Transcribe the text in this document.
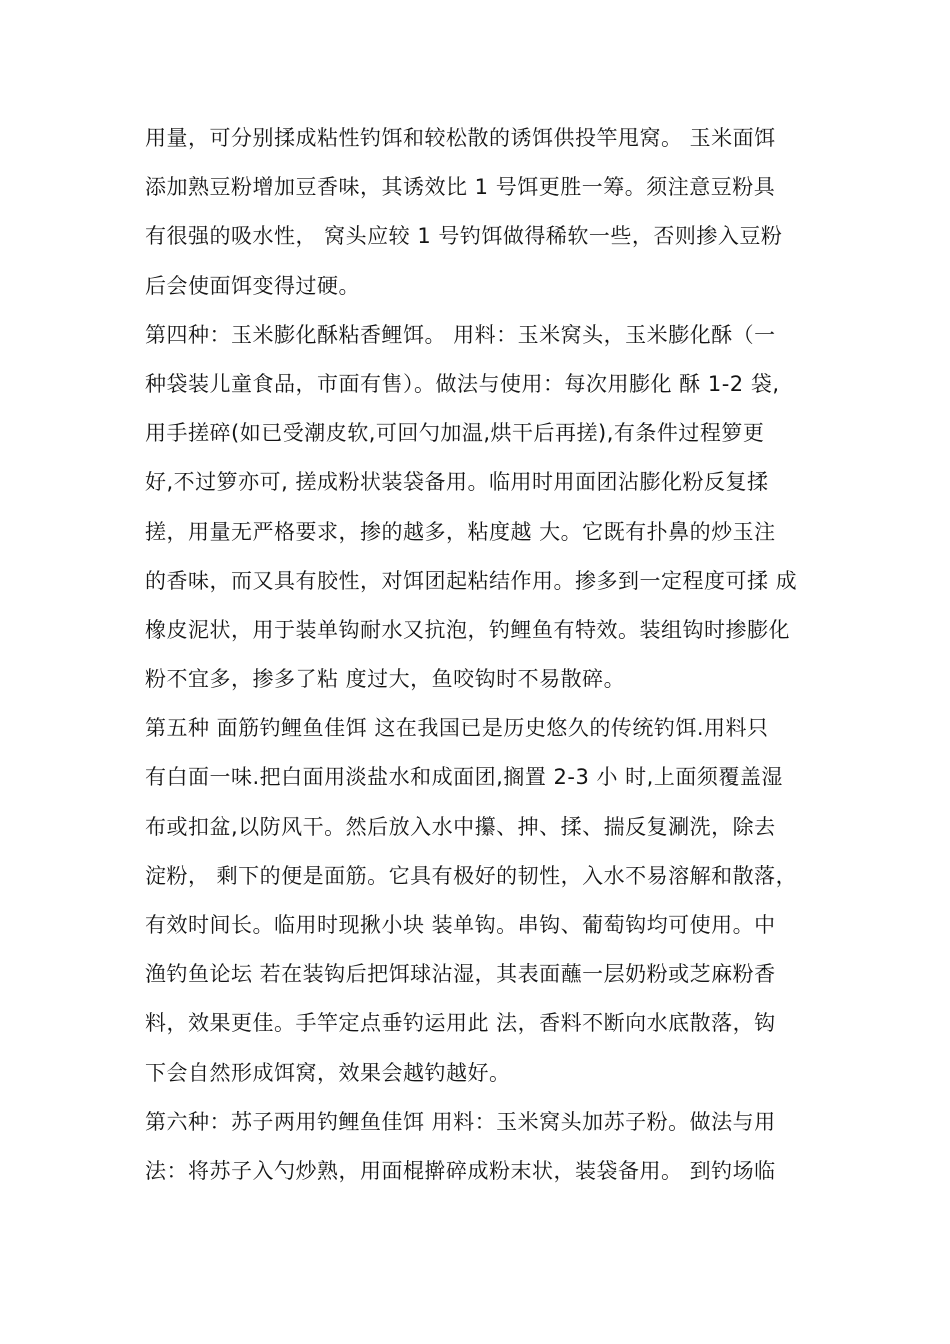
用量，可分别揉成粘性钓饵和较松散的诱饵供投竿甩窝。 玉米面饵
添加熟豆粉增加豆香味，其诱效比 1 号饵更胜一筹。须注意豆粉具
有很强的吸水性， 窝头应较 1 号钓饵做得稀软一些，否则掺入豆粉
后会使面饵变得过硬。
第四种：玉米膨化酥粘香鲤饵。 用料：玉米窝头，玉米膨化酥（一
种袋装儿童食品，市面有售）。做法与使用：每次用膨化 酥 1-2 袋,
用手搓碎(如已受潮皮软,可回勺加温,烘干后再搓),有条件过程箩更
好,不过箩亦可, 搓成粉状装袋备用。临用时用面团沾膨化粉反复揉
搓，用量无严格要求，掺的越多，粘度越 大。它既有扑鼻的炒玉注
的香味，而又具有胶性，对饵团起粘结作用。掺多到一定程度可揉 成
橡皮泥状，用于装单钩耐水又抗泡，钓鲤鱼有特效。装组钩时掺膨化
粉不宜多，掺多了粘 度过大，鱼咬钩时不易散碎。
第五种 面筋钓鲤鱼佳饵 这在我国已是历史悠久的传统钓饵.用料只
有白面一味.把白面用淡盐水和成面团,搁置 2-3 小 时,上面须覆盖湿
布或扣盆,以防风干。然后放入水中攥、抻、揉、揣反复涮洗，除去
淀粉， 剩下的便是面筋。它具有极好的韧性，入水不易溶解和散落，
有效时间长。临用时现揪小块 装单钩。串钩、葡萄钩均可使用。中
渔钓鱼论坛 若在装钩后把饵球沾湿，其表面蘸一层奶粉或芝麻粉香
料，效果更佳。手竿定点垂钓运用此 法，香料不断向水底散落，钩
下会自然形成饵窝，效果会越钓越好。
第六种：苏子两用钓鲤鱼佳饵 用料：玉米窝头加苏子粉。做法与用
法：将苏子入勺炒熟，用面棍擀碎成粉末状，装袋备用。 到钓场临
